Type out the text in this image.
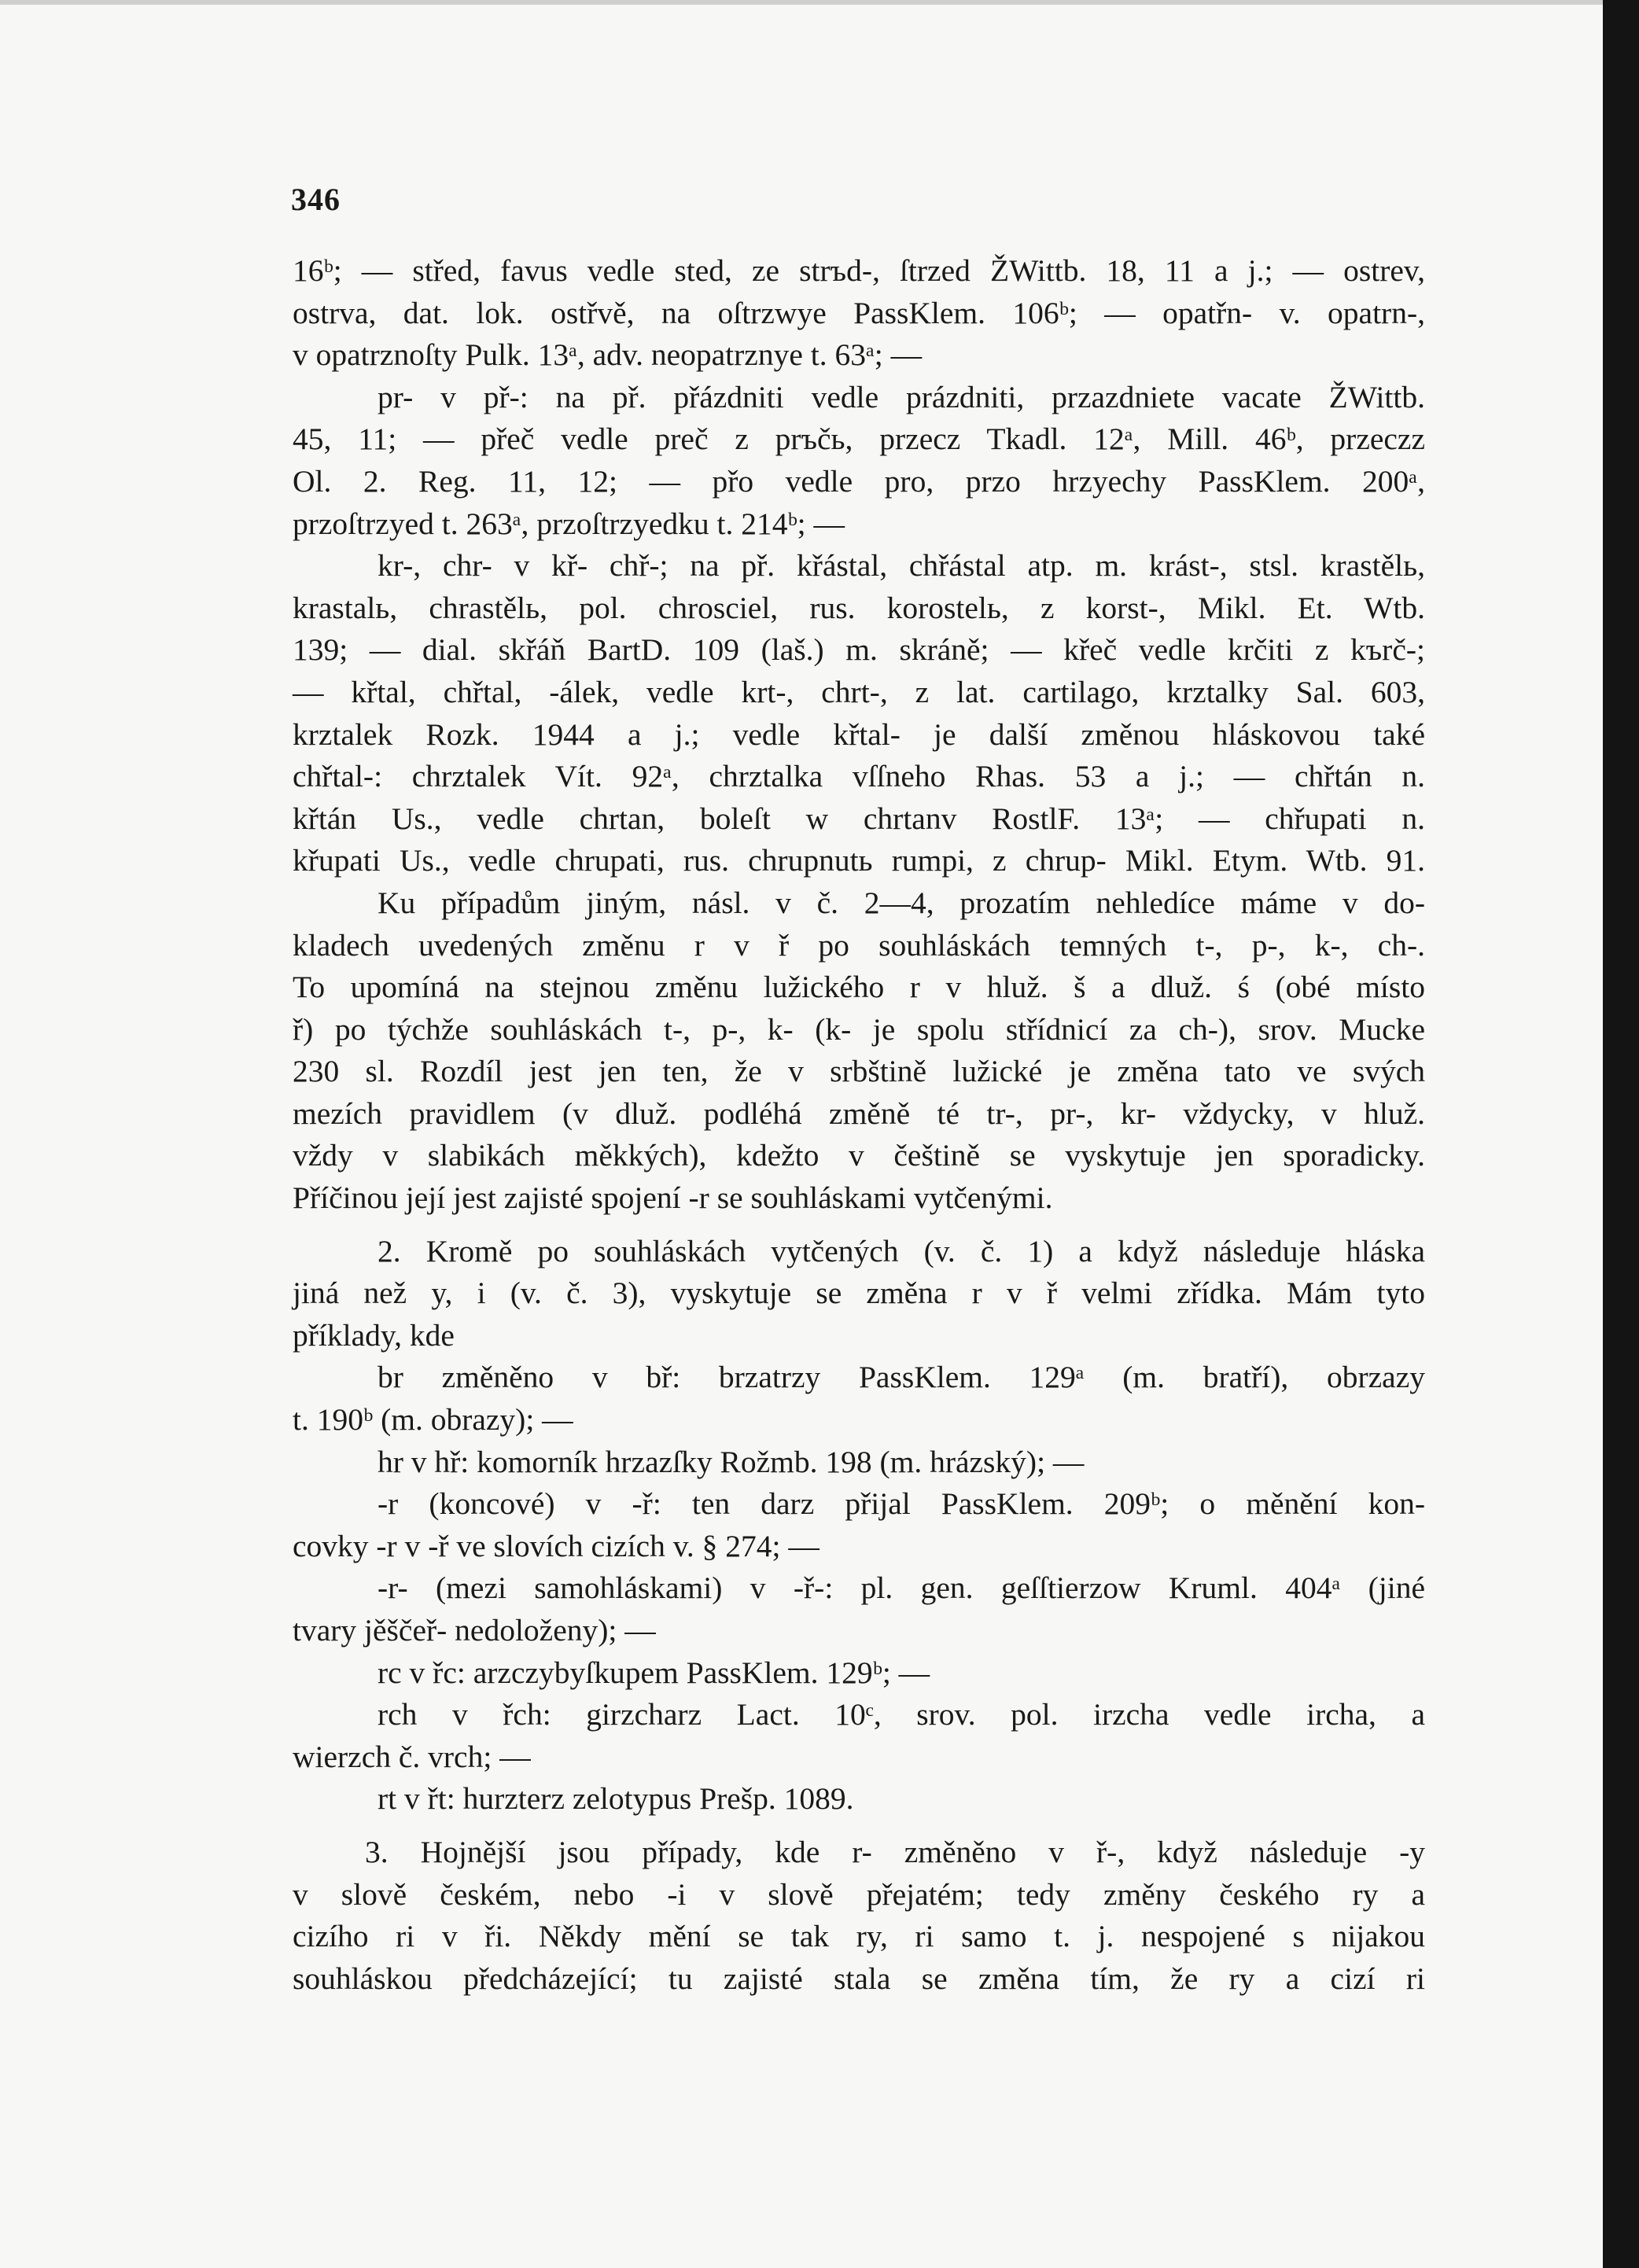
346
16ᵇ; — střed, favus vedle sted, ze strъd-, ſtrzed ŽWittb. 18, 11 a j.; — ostrev,
ostrva, dat. lok. ostřvě, na oſtrzwye PassKlem. 106ᵇ; — opatřn- v. opatrn-,
v opatrznoſty Pulk. 13ᵃ, adv. neopatrznye t. 63ᵃ; —
pr- v př-: na př. přázdniti vedle prázdniti, przazdniete vacate ŽWittb.
45, 11; — přeč vedle preč z prъčь, przecz Tkadl. 12ᵃ, Mill. 46ᵇ, przeczz
Ol. 2. Reg. 11, 12; — přo vedle pro, przo hrzyechy PassKlem. 200ᵃ,
przoſtrzyed t. 263ᵃ, przoſtrzyedku t. 214ᵇ; —
kr-, chr- v kř- chř-; na př. křástal, chřástal atp. m. krást-, stsl. krastělь,
krastalь, chrastělь, pol. chrosciel, rus. korostelь, z korst-, Mikl. Et. Wtb.
139; — dial. skřáň BartD. 109 (laš.) m. skráně; — křeč vedle krčiti z kъrč-;
— křtal, chřtal, -álek, vedle krt-, chrt-, z lat. cartilago, krztalky Sal. 603,
krztalek Rozk. 1944 a j.; vedle křtal- je další změnou hláskovou také
chřtal-: chrztalek Vít. 92ᵃ, chrztalka vſſneho Rhas. 53 a j.; — chřtán n.
křtán Us., vedle chrtan, boleſt w chrtanv RostlF. 13ᵃ; — chřupati n.
křupati Us., vedle chrupati, rus. chrupnutь rumpi, z chrup- Mikl. Etym. Wtb. 91.
Ku případům jiným, násl. v č. 2—4, prozatím nehledíce máme v do-
kladech uvedených změnu r v ř po souhláskách temných t-, p-, k-, ch-.
To upomíná na stejnou změnu lužického r v hluž. š a dluž. ś (obé místo
ř) po týchže souhláskách t-, p-, k- (k- je spolu střídnicí za ch-), srov. Mucke
230 sl. Rozdíl jest jen ten, že v srbštině lužické je změna tato ve svých
mezích pravidlem (v dluž. podléhá změně té tr-, pr-, kr- vždycky, v hluž.
vždy v slabikách měkkých), kdežto v češtině se vyskytuje jen sporadicky.
Příčinou její jest zajisté spojení -r se souhláskami vytčenými.
2. Kromě po souhláskách vytčených (v. č. 1) a když následuje hláska
jiná než y, i (v. č. 3), vyskytuje se změna r v ř velmi zřídka. Mám tyto
příklady, kde
br změněno v bř: brzatrzy PassKlem. 129ᵃ (m. bratří), obrzazy
t. 190ᵇ (m. obrazy); —
hr v hř: komorník hrzazſky Rožmb. 198 (m. hrázský); —
-r (koncové) v -ř: ten darz přijal PassKlem. 209ᵇ; o měnění kon-
covky -r v -ř ve slovích cizích v. § 274; —
-r- (mezi samohláskami) v -ř-: pl. gen. geſſtierzow Kruml. 404ᵃ (jiné
tvary jěščeř- nedoloženy); —
rc v řc: arzczybyſkupem PassKlem. 129ᵇ; —
rch v řch: girzcharz Lact. 10ᶜ, srov. pol. irzcha vedle ircha, a
wierzch č. vrch; —
rt v řt: hurzterz zelotypus Prešp. 1089.
3. Hojnější jsou případy, kde r- změněno v ř-, když následuje -y
v slově českém, nebo -i v slově přejatém; tedy změny českého ry a
cizího ri v ři. Někdy mění se tak ry, ri samo t. j. nespojené s nijakou
souhláskou předcházející; tu zajisté stala se změna tím, že ry a cizí ri
